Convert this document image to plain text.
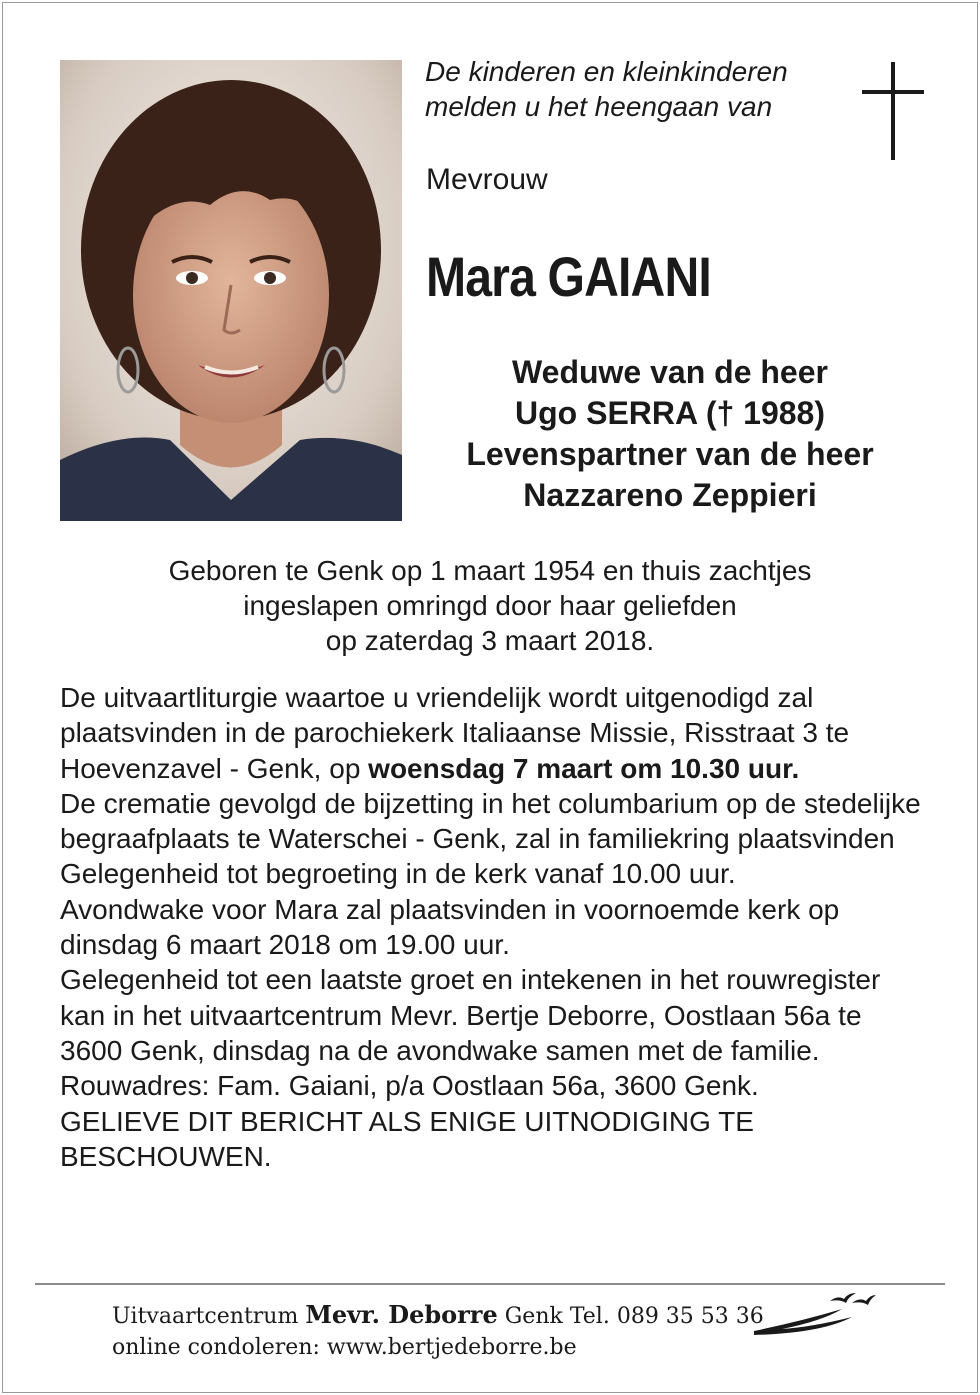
De kinderen en kleinkinderen
melden u het heengaan van
Mevrouw
Mara GAIANI
Weduwe van de heer
Ugo SERRA († 1988)
Levenspartner van de heer
Nazzareno Zeppieri
Geboren te Genk op 1 maart 1954 en thuis zachtjes
ingeslapen omringd door haar geliefden
op zaterdag 3 maart 2018.

De uitvaartliturgie waartoe u vriendelijk wordt uitgenodigd zal plaatsvinden in de parochiekerk Italiaanse Missie, Risstraat 3 te Hoevenzavel - Genk, op woensdag 7 maart om 10.30 uur.

De crematie gevolgd de bijzetting in het columbarium op de stedelijke begraafplaats te Waterschei - Genk, zal in familiekring plaatsvinden

Gelegenheid tot begroeting in de kerk vanaf 10.00 uur.

Avondwake voor Mara zal plaatsvinden in voornoemde kerk op dinsdag 6 maart 2018 om 19.00 uur.

Gelegenheid tot een laatste groet en intekenen in het rouwregister kan in het uitvaartcentrum Mevr. Bertje Deborre, Oostlaan 56a te 3600 Genk, dinsdag na de avondwake samen met de familie.

Rouwadres: Fam. Gaiani, p/a Oostlaan 56a, 3600 Genk.

GELIEVE DIT BERICHT ALS ENIGE UITNODIGING TE BESCHOUWEN.

Uitvaartcentrum Mevr. Deborre Genk Tel. 089 35 53 36
online condoleren: www.bertjedeborre.be
